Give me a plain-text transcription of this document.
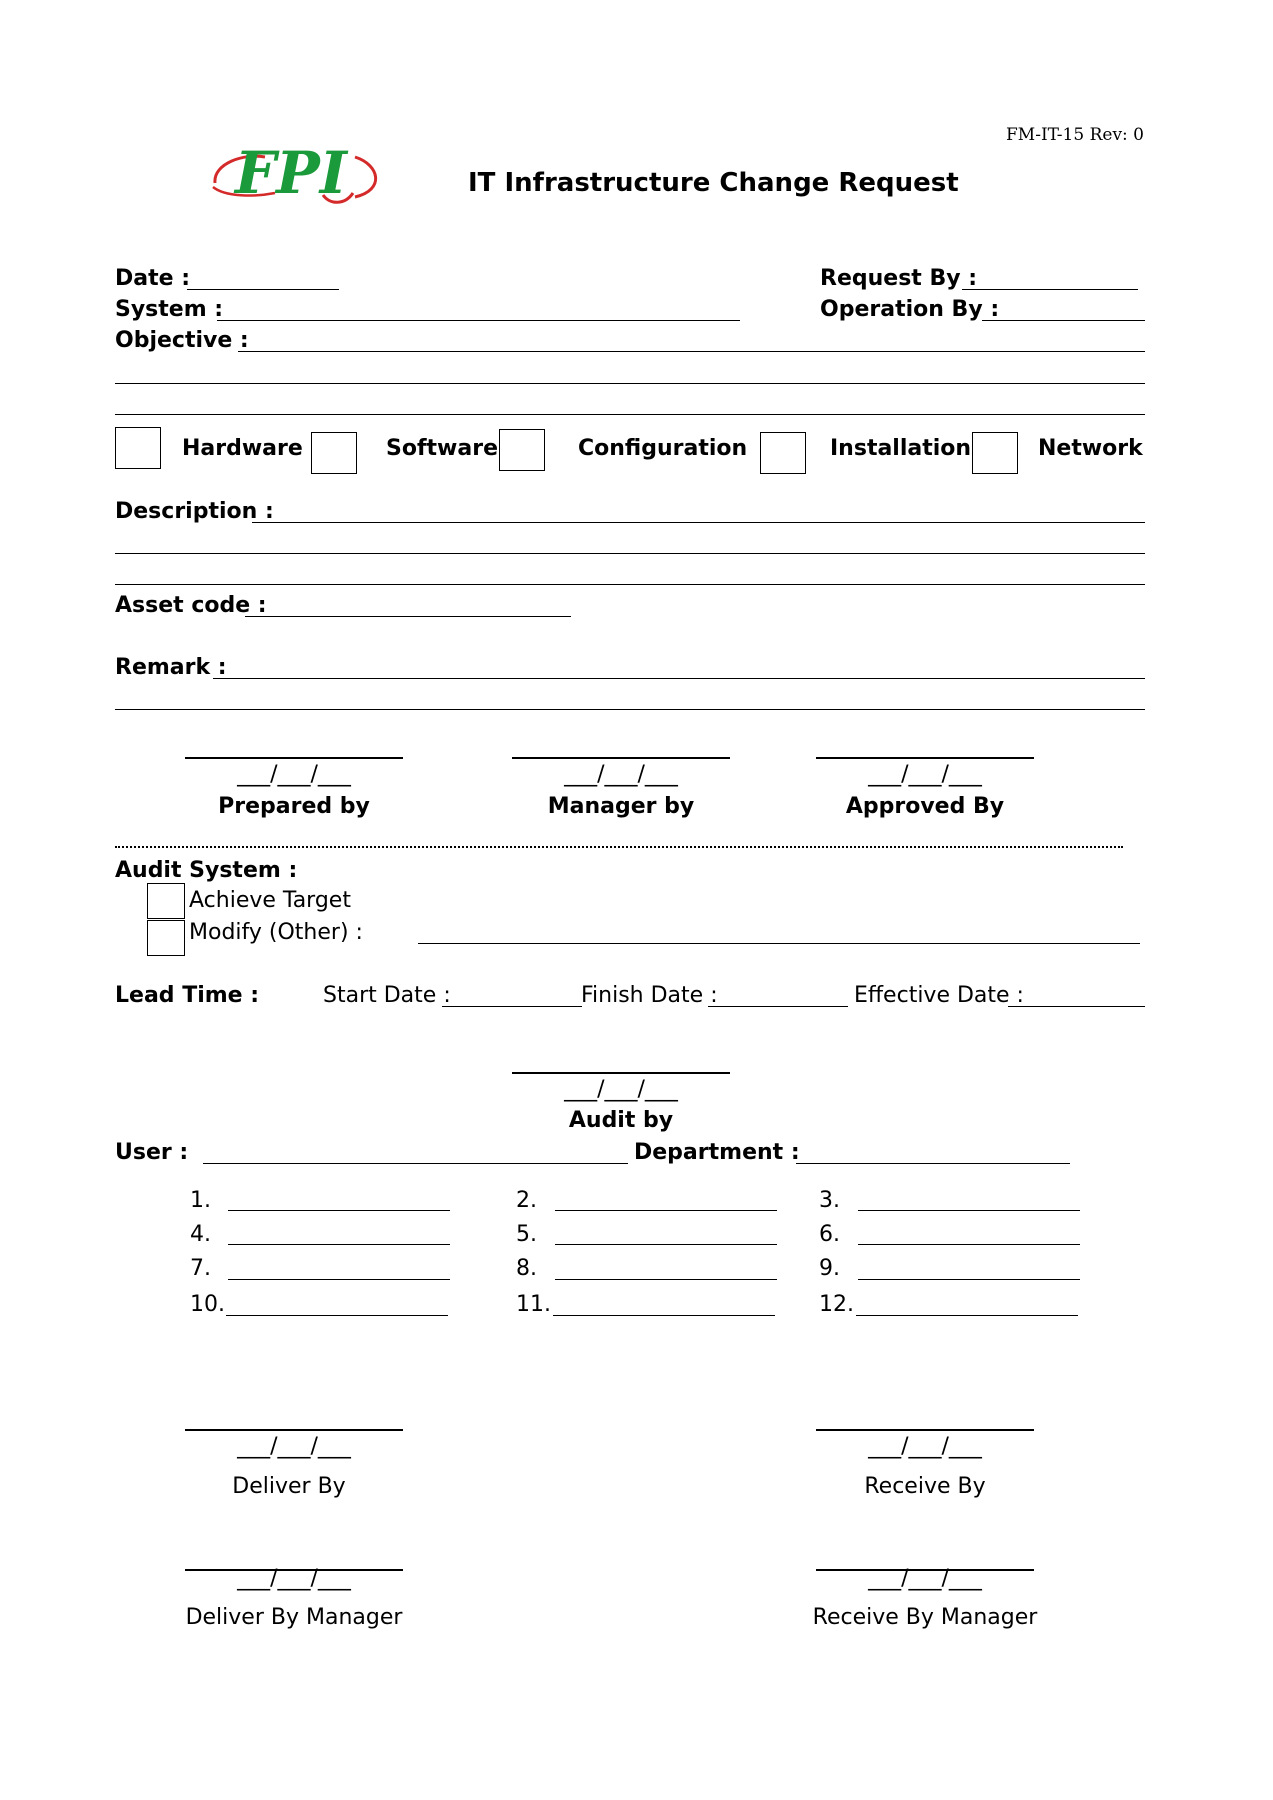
FPI
FM-IT-15 Rev: 0
IT Infrastructure Change Request
Date :	Request By :
System :	Operation By :
Objective :
Hardware	Software	Configuration	Installation	Network
Description :
Asset code :
Remark :
___/___/___
Prepared by
___/___/___
Manager by
___/___/___
Approved By
Audit System :
Achieve Target
Modify (Other) :
Lead Time :	Start Date :	Finish Date :	Effective Date :
___/___/___
Audit by
User :	Department :
1.	2.	3.
4.	5.	6.
7.	8.	9.
10.	11.	12.
___/___/___
Deliver By
___/___/___
Receive By
___/___/___
Deliver By Manager
___/___/___
Receive By Manager
